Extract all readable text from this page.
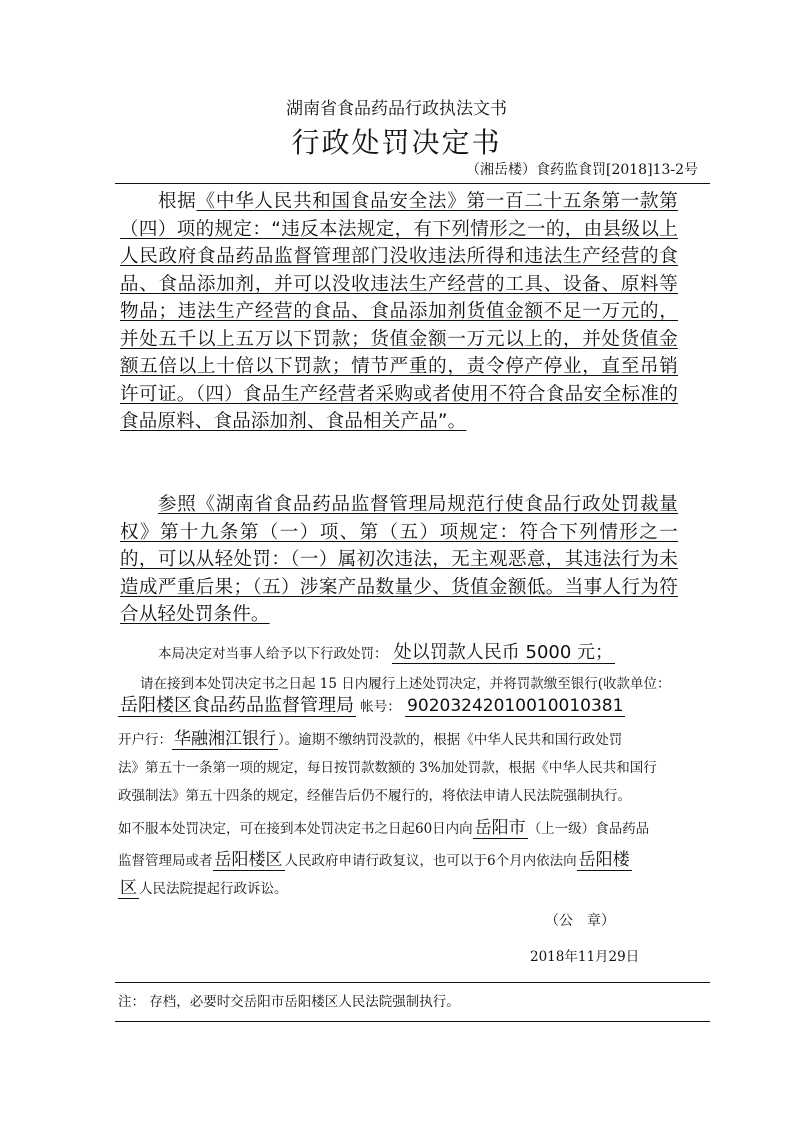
湖南省食品药品行政执法文书
行政处罚决定书
（湘岳楼）食药监食罚[2018]13-2号
根据《中华人民共和国食品安全法》第一百二十五条第一款第（四）项的规定：“违反本法规定，有下列情形之一的，由县级以上人民政府食品药品监督管理部门没收违法所得和违法生产经营的食品、食品添加剂，并可以没收违法生产经营的工具、设备、原料等物品；违法生产经营的食品、食品添加剂货值金额不足一万元的，并处五千以上五万以下罚款；货值金额一万元以上的，并处货值金额五倍以上十倍以下罚款；情节严重的，责令停产停业，直至吊销许可证。（四）食品生产经营者采购或者使用不符合食品安全标准的食品原料、食品添加剂、食品相关产品”。
参照《湖南省食品药品监督管理局规范行使食品行政处罚裁量权》第十九条第（一）项、第（五）项规定：符合下列情形之一的，可以从轻处罚：（一）属初次违法，无主观恶意，其违法行为未造成严重后果；（五）涉案产品数量少、货值金额低。当事人行为符合从轻处罚条件。
本局决定对当事人给予以下行政处罚： 处以罚款人民币 5000 元；
请在接到本处罚决定书之日起 15 日内履行上述处罚决定，并将罚款缴至银行(收款单位：
岳阳楼区食品药品监督管理局 帐号： 9020324201001001038​1
开户行： 华融湘江银行 ）。逾期不缴纳罚没款的，根据《中华人民共和国行政处罚
法》第五十一条第一项的规定，每日按罚款数额的 3%加处罚款，根据《中华人民共和国行
政强制法》第五十四条的规定，经催告后仍不履行的，将依法申请人民法院强制执行。
如不服本处罚决定，可在接到本处罚决定书之日起60日内向 岳阳市 （上一级）食品药品
监督管理局或者 岳阳楼区 人民政府申请行政复议，也可以于6个月内依法向 岳阳楼
区 人民法院提起行政诉讼。
（公　章）
2018年11月29日
注： 存档，必要时交岳阳市岳阳楼区人民法院强制执行。
